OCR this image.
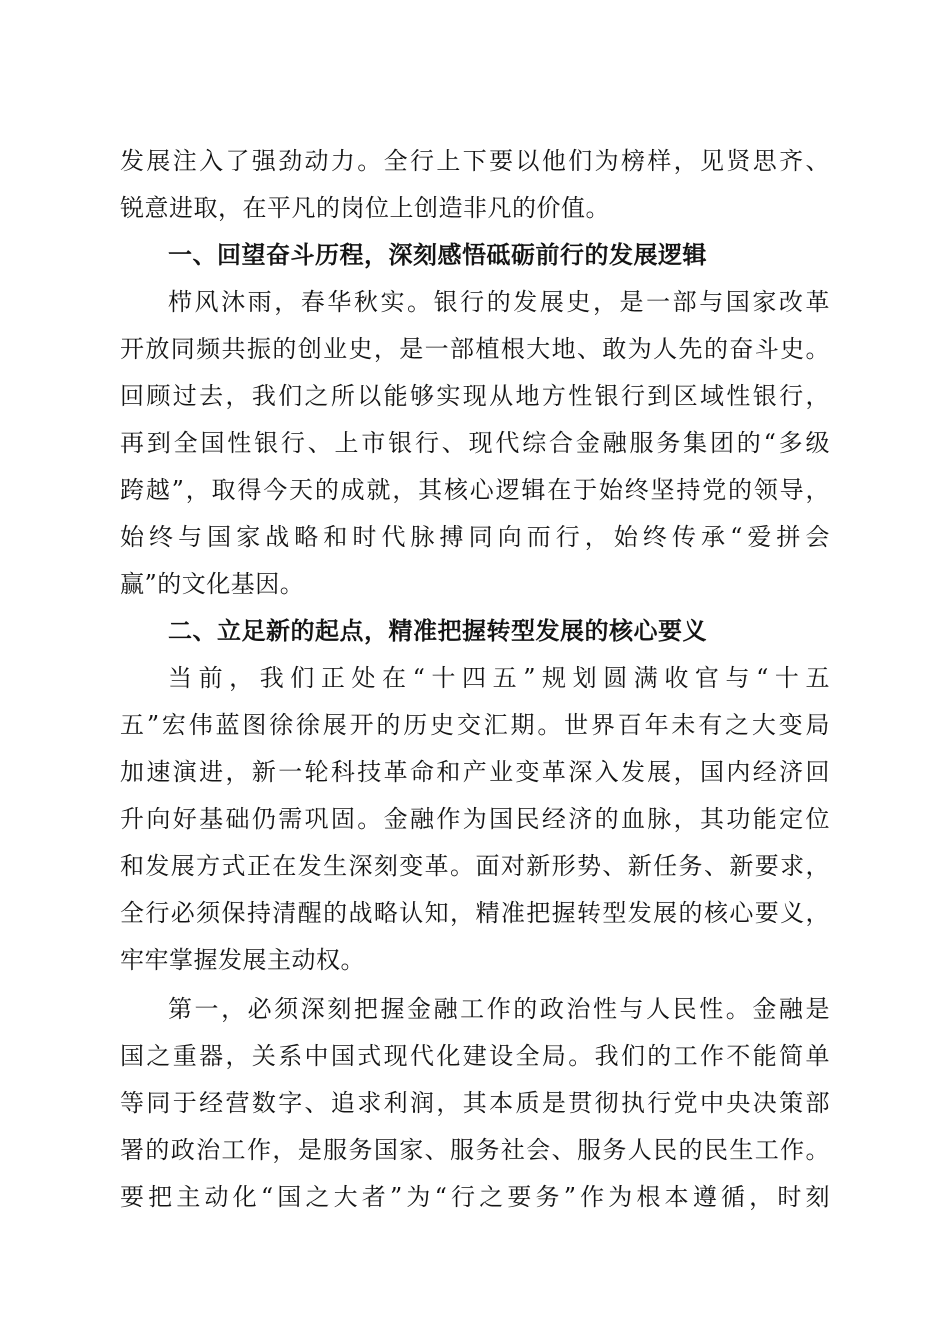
发展注入了强劲动力。全行上下要以他们为榜样，见贤思齐、
锐意进取，在平凡的岗位上创造非凡的价值。
一、回望奋斗历程，深刻感悟砥砺前行的发展逻辑
栉风沐雨，春华秋实。银行的发展史，是一部与国家改革
开放同频共振的创业史，是一部植根大地、敢为人先的奋斗史。
回顾过去，我们之所以能够实现从地方性银行到区域性银行，
再到全国性银行、上市银行、现代综合金融服务集团的“多级
跨越”，取得今天的成就，其核心逻辑在于始终坚持党的领导，
始终与国家战略和时代脉搏同向而行，始终传承“爱拼会
赢”的文化基因。
二、立足新的起点，精准把握转型发展的核心要义
当前，我们正处在“十四五”规划圆满收官与“十五
五”宏伟蓝图徐徐展开的历史交汇期。世界百年未有之大变局
加速演进，新一轮科技革命和产业变革深入发展，国内经济回
升向好基础仍需巩固。金融作为国民经济的血脉，其功能定位
和发展方式正在发生深刻变革。面对新形势、新任务、新要求，
全行必须保持清醒的战略认知，精准把握转型发展的核心要义，
牢牢掌握发展主动权。
第一，必须深刻把握金融工作的政治性与人民性。金融是
国之重器，关系中国式现代化建设全局。我们的工作不能简单
等同于经营数字、追求利润，其本质是贯彻执行党中央决策部
署的政治工作，是服务国家、服务社会、服务人民的民生工作。
要把主动化“国之大者”为“行之要务”作为根本遵循，时刻
